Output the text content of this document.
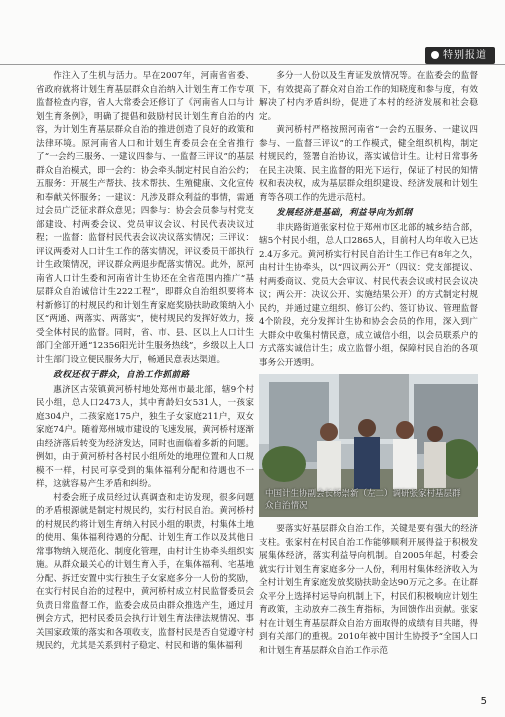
特别报道

作注入了生机与活力。早在2007年，河南省省委、省政府就将计划生育基层群众自治纳入计划生育工作专项监督检查内容，省人大常委会还修订了《河南省人口与计划生育条例》，明确了提倡和鼓励村民计划生育自治的内容，为计划生育基层群众自治的推进创造了良好的政策和法律环境。原河南省人口和计划生育委员会在全省推行了“一会约三服务、一建议四参与、一监督三评议”的基层群众自治模式，即一会约：协会牵头制定村民自治公约；五服务：开展生产帮扶、技术帮扶、生殖健康、文化宣传和奉献关怀服务；一建议：凡涉及群众利益的事情，需通过会员广泛征求群众意见；四参与：协会会员参与村党支部建设、村两委会议、党员审议会议、村民代表决议过程；一监督：监督村民代表会议决议落实情况；三评议：评议两委对人口计生工作的落实情况，评议委员干部执行计生政策情况，评议群众两退步配落实情况。此外，原河南省人口计生委和河南省计生协还在全省范围内推广“基层群众自治诚信计生222工程”，即群众自治组织要将本村新修订的村规民约和计划生育家庭奖励扶助政策纳入小区“两通、两落实、两落实”，使村规民约发挥好效力，接受全体村民的监督。同时，省、市、县、区以上人口计生部门全部开通“12356阳光计生服务热线”，乡级以上人口计生部门设立便民服务大厅，畅通民意表达渠道。

政权还权于群众，自治工作抓前路

惠济区古荥镇黄河桥村地处郑州市最北部，辖9个村民小组，总人口2473人，其中育龄妇女531人，一孩家庭304户，二孩家庭175户，独生子女家庭211户，双女家庭74户。随着郑州城市建设的飞速发展，黄河桥村逐渐由经济落后转变为经济发达，同时也面临着多新的问题。例如，由于黄河桥村各村民小组所处的地理位置和人口规模不一样，村民可享受到的集体福利分配和待遇也不一样，这就容易产生矛盾和纠纷。

村委会班子成员经过认真调查和走访发现，很多问题的矛盾根源就是制定村规民约，实行村民自治。黄河桥村的村规民约将计划生育纳入村民小组的职责，村集体土地的使用、集体福利待遇的分配、计划生育工作以及其他日常事物纳入规范化、制度化管理，由村计生协牵头组织实施。从群众最关心的计划生育入手，在集体福利、宅基地分配、拆迁安置中实行独生子女家庭多分一人份的奖励，在实行村民自治的过程中，黄河桥村成立村民监督委员会负责日常监督工作，监委会成员由群众推选产生，通过月例会方式，把村民委员会执行计划生育法律法规情况、事关国家政策的落实和各项收支，监督村民是否自觉遵守村规民约，尤其是关系到村子稳定、村民和谐的集体福利

多分一人份以及生育证发放情况等。在监委会的监督下，有效提高了群众对自治工作的知晓度和参与度，有效解决了村内矛盾纠纷，促进了本村的经济发展和社会稳定。

黄河桥村严格按照河南省“一会约五服务、一建议四参与、一监督三评议”的工作模式，健全组织机构，制定村规民约，签署自治协议，落实诚信计生。让村日常事务在民主决策、民主监督的阳光下运行，保证了村民的知情权和表决权，成为基层群众组织建设、经济发展和计划生育等各项工作的先进示范村。

发展经济是基础，利益导向为抓纲

非庆路街道张家村位于郑州市区北部的城乡结合部，辖5个村民小组，总人口2865人，目前村人均年收入已达2.4万多元。黄河桥实行村民自治计生工作已有8年之久，由村计生协牵头，以“四议两公开”（四议：党支部提议、村两委商议、党员大会审议、村民代表会议或村民会议决议；两公开：决议公开、实施结果公开）的方式制定村规民约，并通过建立组织、修订公约、签订协议、管理监督4个阶段，充分发挥计生协和协会会员的作用，深入到广大群众中收集村情民意，成立诚信小组，以会员联系户的方式落实诚信计生；成立监督小组，保障村民自治的各项事务公开透明。

中国计生协副会长杨崇新（左二）调研张家村基层群众自治情况

要落实好基层群众自治工作，关键是要有强大的经济支柱。张家村在村民自治工作能够顺利开展得益于积极发展集体经济，落实利益导向机制。自2005年起，村委会就实行计划生育家庭多分一人份，利用村集体经济收入为全村计划生育家庭发放奖励扶助金达90万元之多。在让群众平分上选择村运导向机制上下，村民们积极响应计划生育政策，主动放弃二孩生育指标，为回馈作出贡献。张家村在计划生育基层群众自治方面取得的成绩有目共睹，得到有关部门的重视。2010年被中国计生协授予“全国人口和计划生育基层群众自治工作示范

5
